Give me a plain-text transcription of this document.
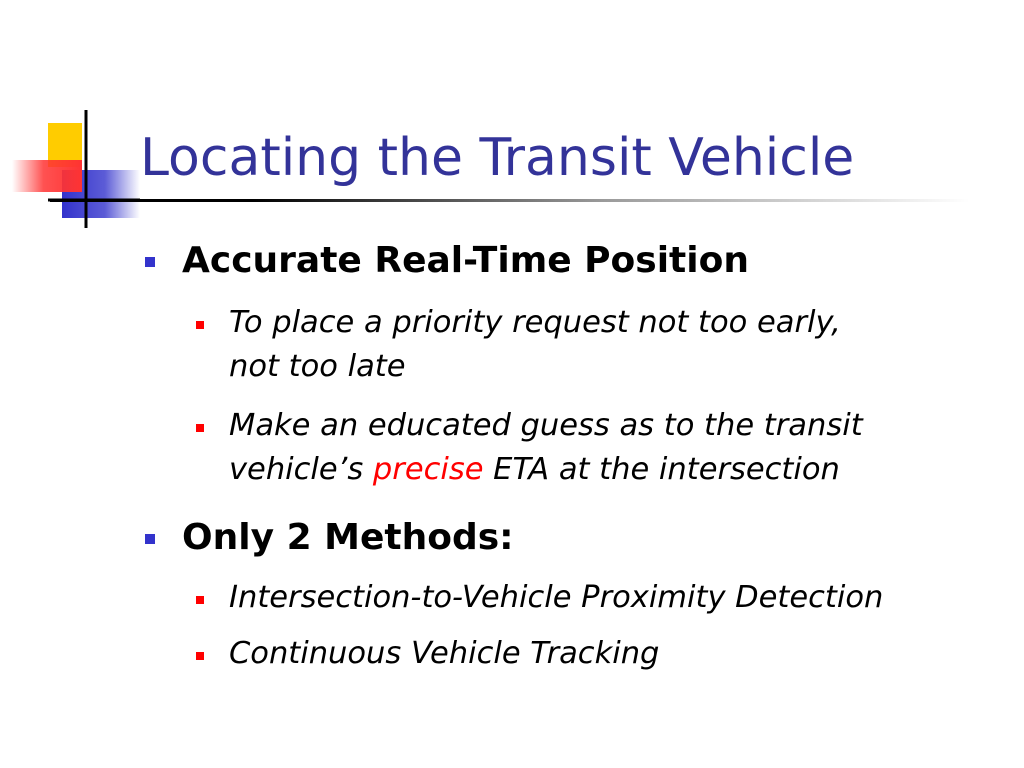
Locating the Transit Vehicle
Accurate Real-Time Position
To place a priority request not too early,
not too late
Make an educated guess as to the transit
vehicle’s precise ETA at the intersection
Only 2 Methods:
Intersection-to-Vehicle Proximity Detection
Continuous Vehicle Tracking
